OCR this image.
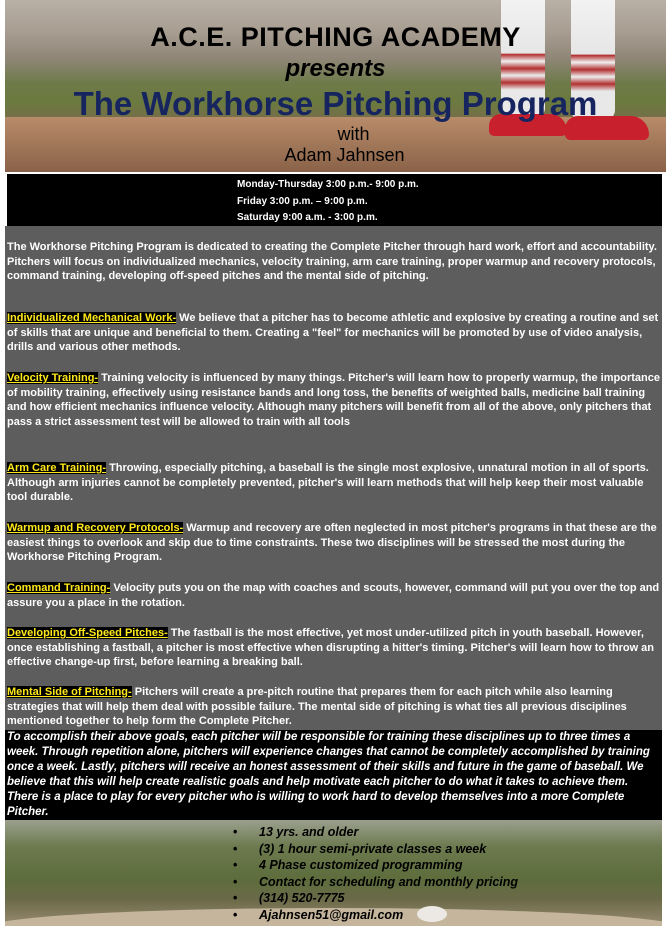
A.C.E. PITCHING ACADEMY
presents
The Workhorse Pitching Program
with
Adam Jahnsen
Monday-Thursday 3:00 p.m.- 9:00 p.m.
Friday 3:00 p.m. – 9:00 p.m.
Saturday 9:00 a.m. - 3:00 p.m.
The Workhorse Pitching Program is dedicated to creating the Complete Pitcher through hard work, effort and accountability. Pitchers will focus on individualized mechanics, velocity training, arm care training, proper warmup and recovery protocols, command training, developing off-speed pitches and the mental side of pitching.
Individualized Mechanical Work- We believe that a pitcher has to become athletic and explosive by creating a routine and set of skills that are unique and beneficial to them. Creating a "feel" for mechanics will be promoted by use of video analysis, drills and various other methods.
Velocity Training- Training velocity is influenced by many things. Pitcher's will learn how to properly warmup, the importance of mobility training, effectively using resistance bands and long toss, the benefits of weighted balls, medicine ball training and how efficient mechanics influence velocity. Although many pitchers will benefit from all of the above, only pitchers that pass a strict assessment test will be allowed to train with all tools
Arm Care Training- Throwing, especially pitching, a baseball is the single most explosive, unnatural motion in all of sports. Although arm injuries cannot be completely prevented, pitcher's will learn methods that will help keep their most valuable tool durable.
Warmup and Recovery Protocols- Warmup and recovery are often neglected in most pitcher's programs in that these are the easiest things to overlook and skip due to time constraints. These two disciplines will be stressed the most during the Workhorse Pitching Program.
Command Training- Velocity puts you on the map with coaches and scouts, however, command will put you over the top and assure you a place in the rotation.
Developing Off-Speed Pitches- The fastball is the most effective, yet most under-utilized pitch in youth baseball. However, once establishing a fastball, a pitcher is most effective when disrupting a hitter's timing. Pitcher's will learn how to throw an effective change-up first, before learning a breaking ball.
Mental Side of Pitching- Pitchers will create a pre-pitch routine that prepares them for each pitch while also learning strategies that will help them deal with possible failure. The mental side of pitching is what ties all previous disciplines mentioned together to help form the Complete Pitcher.
To accomplish their above goals, each pitcher will be responsible for training these disciplines up to three times a week. Through repetition alone, pitchers will experience changes that cannot be completely accomplished by training once a week. Lastly, pitchers will receive an honest assessment of their skills and future in the game of baseball. We believe that this will help create realistic goals and help motivate each pitcher to do what it takes to achieve them. There is a place to play for every pitcher who is willing to work hard to develop themselves into a more Complete Pitcher.
•	13 yrs. and older
•	(3) 1 hour semi-private classes a week
•	4 Phase customized programming
•	Contact for scheduling and monthly pricing
•	(314) 520-7775
•	Ajahnsen51@gmail.com
